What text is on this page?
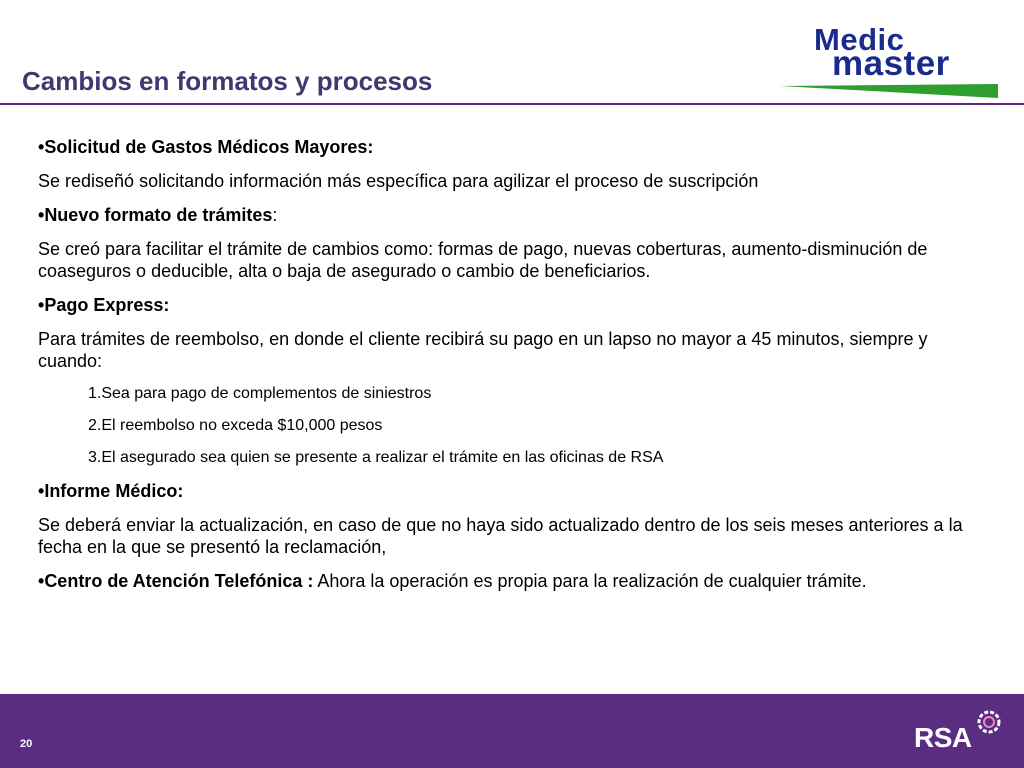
Cambios en formatos y procesos
Medic
master

•Solicitud de Gastos Médicos Mayores:

Se rediseñó solicitando información más específica para agilizar el proceso de suscripción

•Nuevo formato de trámites:

Se creó para facilitar el trámite de cambios como: formas de pago, nuevas coberturas, aumento-disminución de coaseguros o deducible, alta o baja de asegurado o cambio de beneficiarios.

•Pago Express:

Para trámites de reembolso, en donde el cliente recibirá su pago en un lapso no mayor a 45 minutos, siempre y cuando:

1.Sea para pago de complementos de siniestros

2.El reembolso no exceda $10,000 pesos

3.El asegurado sea quien se presente a realizar el trámite en las oficinas de RSA

•Informe Médico:

Se deberá enviar la actualización, en caso de que no haya sido actualizado dentro de los seis meses anteriores a la fecha en la que se presentó la reclamación,

•Centro de Atención Telefónica : Ahora la operación es propia para la realización de cualquier trámite.

20	RSA
